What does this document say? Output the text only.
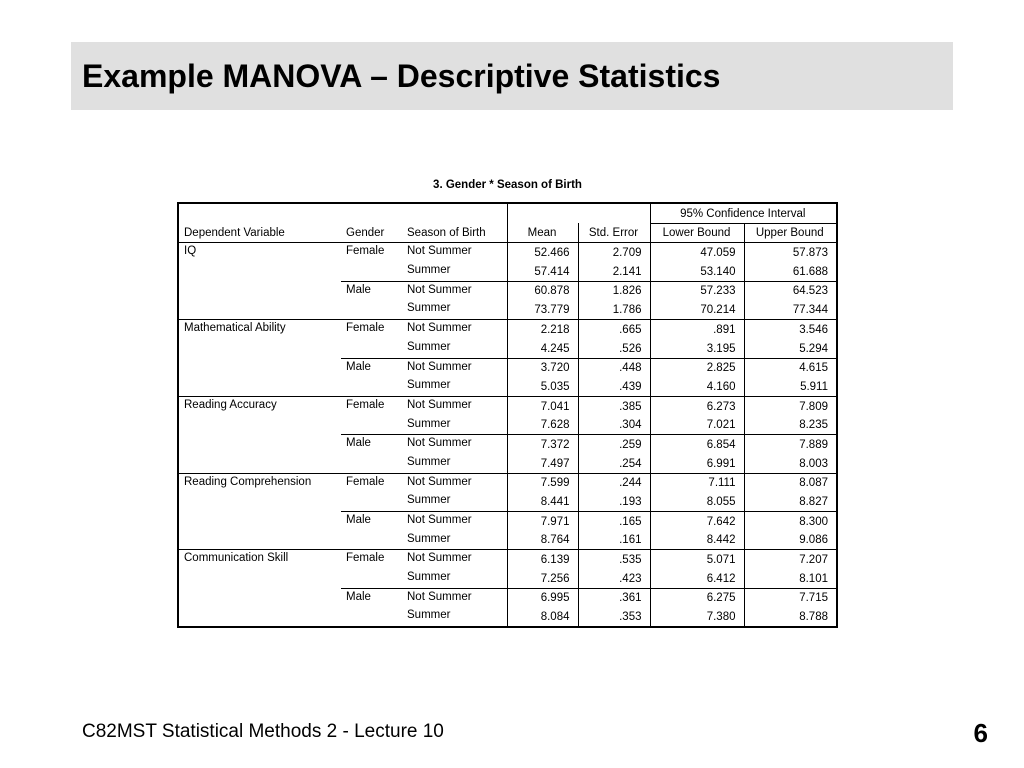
Example MANOVA – Descriptive Statistics
3. Gender * Season of Birth
					95% Confidence Interval	
Dependent Variable	Gender	Season of Birth	Mean	Std. Error	Lower Bound	Upper Bound
IQ	Female	Not Summer	52.466	2.709	47.059	57.873
		Summer	57.414	2.141	53.140	61.688
	Male	Not Summer	60.878	1.826	57.233	64.523
		Summer	73.779	1.786	70.214	77.344
Mathematical Ability	Female	Not Summer	2.218	.665	.891	3.546
		Summer	4.245	.526	3.195	5.294
	Male	Not Summer	3.720	.448	2.825	4.615
		Summer	5.035	.439	4.160	5.911
Reading Accuracy	Female	Not Summer	7.041	.385	6.273	7.809
		Summer	7.628	.304	7.021	8.235
	Male	Not Summer	7.372	.259	6.854	7.889
		Summer	7.497	.254	6.991	8.003
Reading Comprehension	Female	Not Summer	7.599	.244	7.111	8.087
		Summer	8.441	.193	8.055	8.827
	Male	Not Summer	7.971	.165	7.642	8.300
		Summer	8.764	.161	8.442	9.086
Communication Skill	Female	Not Summer	6.139	.535	5.071	7.207
		Summer	7.256	.423	6.412	8.101
	Male	Not Summer	6.995	.361	6.275	7.715
		Summer	8.084	.353	7.380	8.788
C82MST Statistical Methods 2 - Lecture 10	6
